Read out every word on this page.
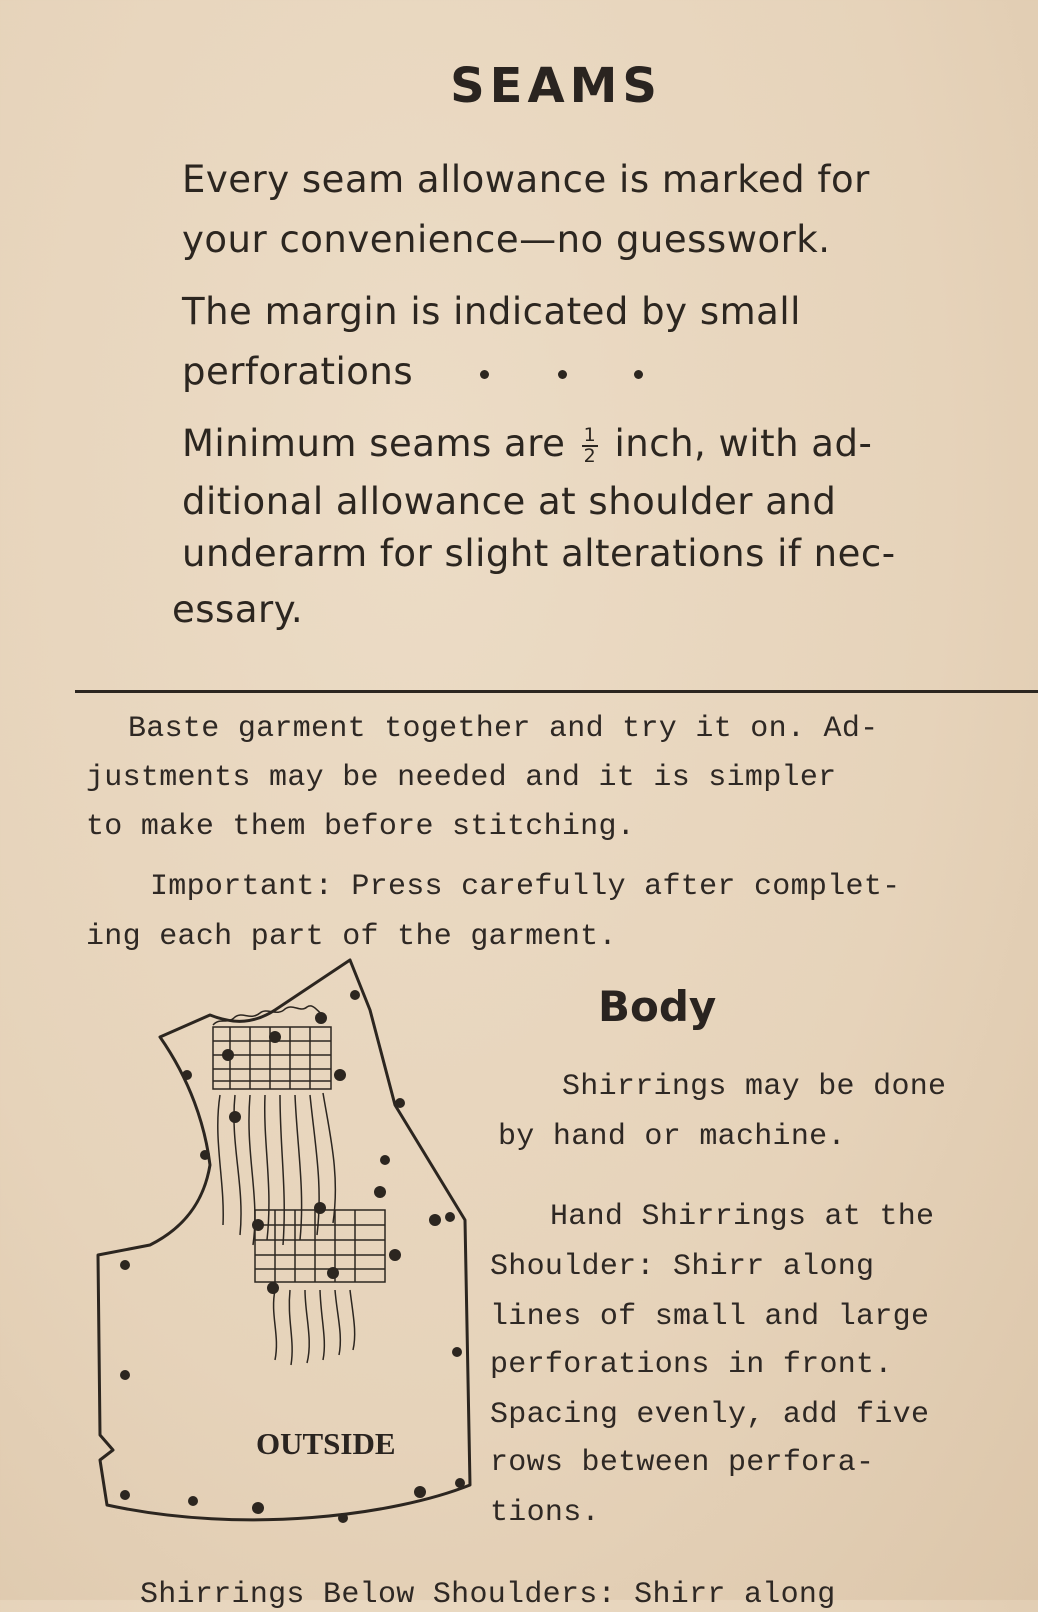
SEAMS
Every seam allowance is marked for
your convenience—no guesswork.
The margin is indicated by small
perforations
Minimum seams are $\frac{1}{2}$ inch, with ad-
ditional allowance at shoulder and
underarm for slight alterations if nec-
essary.
Baste garment together and try it on. Ad-
justments may be needed and it is simpler
to make them before stitching.
Important: Press carefully after complet-
ing each part of the garment.
Body
Shirrings may be done
by hand or machine.
Hand Shirrings at the
Shoulder: Shirr along
lines of small and large
perforations in front.
Spacing evenly, add five
rows between perfora-
tions.
Shirrings Below Shoulders: Shirr along
OUTSIDE
